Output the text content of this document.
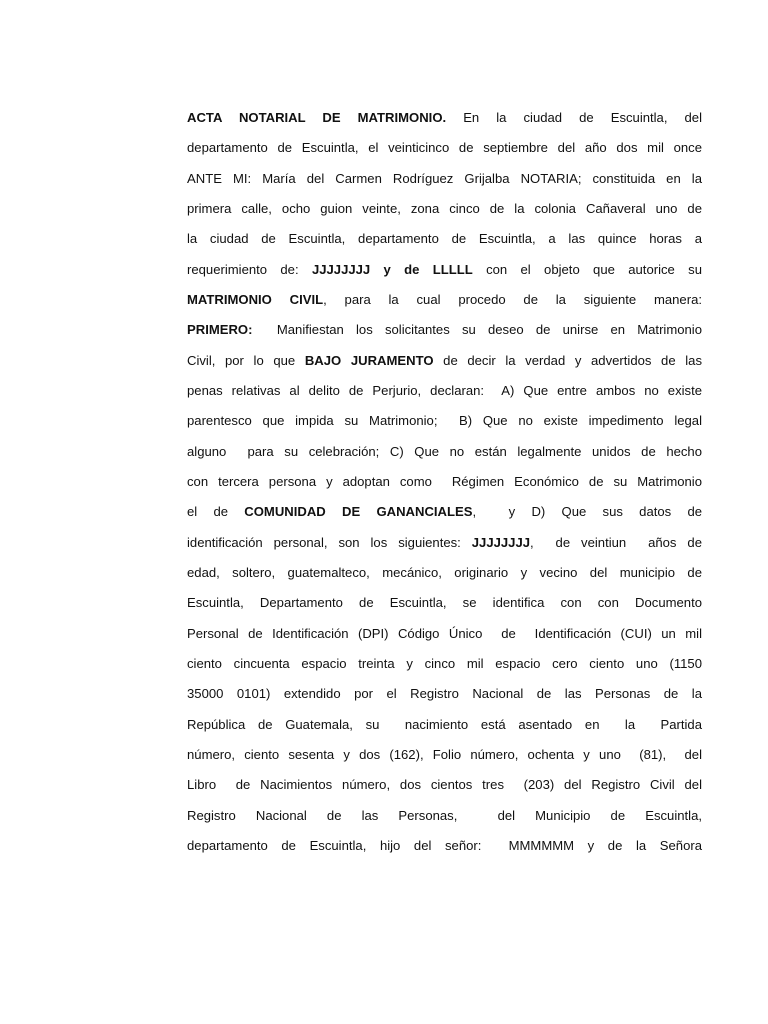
ACTA NOTARIAL DE MATRIMONIO. En la ciudad de Escuintla, del
departamento de Escuintla, el veinticinco de septiembre del año dos mil once
ANTE MI: María del Carmen Rodríguez Grijalba NOTARIA; constituida en la
primera calle, ocho guion veinte, zona cinco de la colonia Cañaveral uno de
la ciudad de Escuintla, departamento de Escuintla, a las quince horas a
requerimiento de: JJJJJJJJ y de LLLLL con el objeto que autorice su
MATRIMONIO CIVIL, para la cual procedo de la siguiente manera:
PRIMERO:  Manifiestan los solicitantes su deseo de unirse en Matrimonio
Civil, por lo que BAJO JURAMENTO de decir la verdad y advertidos de las
penas relativas al delito de Perjurio, declaran:  A) Que entre ambos no existe
parentesco que impida su Matrimonio;  B) Que no existe impedimento legal
alguno  para su celebración; C) Que no están legalmente unidos de hecho
con tercera persona y adoptan como  Régimen Económico de su Matrimonio
el de COMUNIDAD DE GANANCIALES,  y D) Que sus datos de
identificación personal, son los siguientes: JJJJJJJJ,  de veintiun  años de
edad, soltero, guatemalteco, mecánico, originario y vecino del municipio de
Escuintla, Departamento de Escuintla, se identifica con con Documento
Personal de Identificación (DPI) Código Único  de  Identificación (CUI) un mil
ciento cincuenta espacio treinta y cinco mil espacio cero ciento uno (1150
35000 0101) extendido por el Registro Nacional de las Personas de la
República de Guatemala, su  nacimiento está asentado en  la  Partida
número, ciento sesenta y dos (162), Folio número, ochenta y uno  (81),  del
Libro  de Nacimientos número, dos cientos tres  (203) del Registro Civil del
Registro  Nacional  de  las  Personas,    del  Municipio  de  Escuintla,
departamento de Escuintla, hijo del señor:  MMMMMM y de la Señora
